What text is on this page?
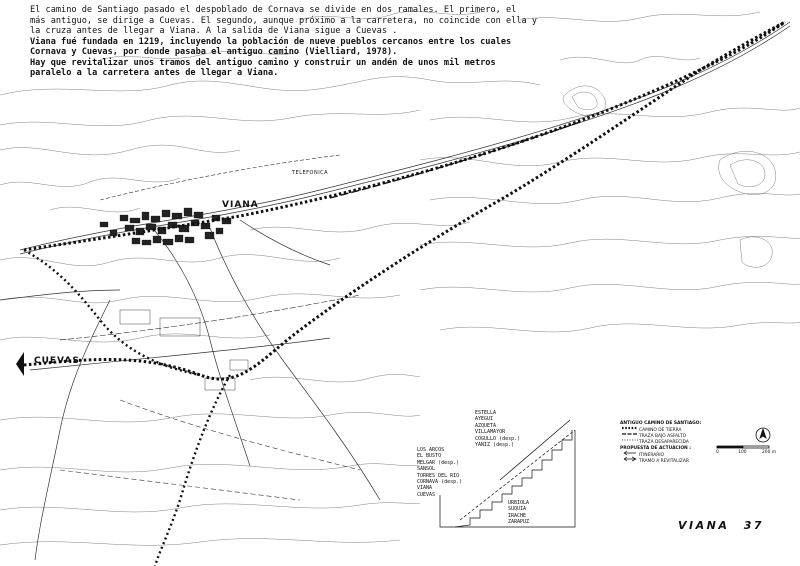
El camino de Santiago pasado el despoblado de Cornava se divide en dos ramales. El primero, el
más antiguo, se dirige a Cuevas. El segundo, aunque próximo a la carretera, no coincide con ella y
la cruza antes de llegar a Viana. A la salida de Viana sigue a Cuevas .
Viana fué fundada en 1219, incluyendo la población de nueve pueblos cercanos entre los cuales
Cornava y Cuevas, por donde pasaba el antiguo camino (Vielliard, 1978).
Hay que revitalizar unos tramos del antiguo camino y construir un andén de unos mil metros
paralelo a la carretera antes de llegar a Viana.
VIANA
CUEVAS
TELEFONICA
ANTIGUO CAMINO DE SANTIAGO:
CAMINO DE TIERRA
TRAZA BAJO ASFALTO
TRAZA DESAPARECIDA
PROPUESTA DE ACTUACION :
ITINERARIO
TRAMO A REVITALIZAR
0	100	200 m
LOS ARCOS
EL BUSTO
MELGAR (desp.)
SANSOL
TORRES DEL RIO
CORNAVA (desp.)
VIANA
CUEVAS
ESTELLA
AYEGUI
AZQUETA
VILLAMAYOR
COGULLO (desp.)
YANIZ (desp.)
URBIOLA
SUQUIA
IRACHE
ZARAPUZ	VIANA 37
